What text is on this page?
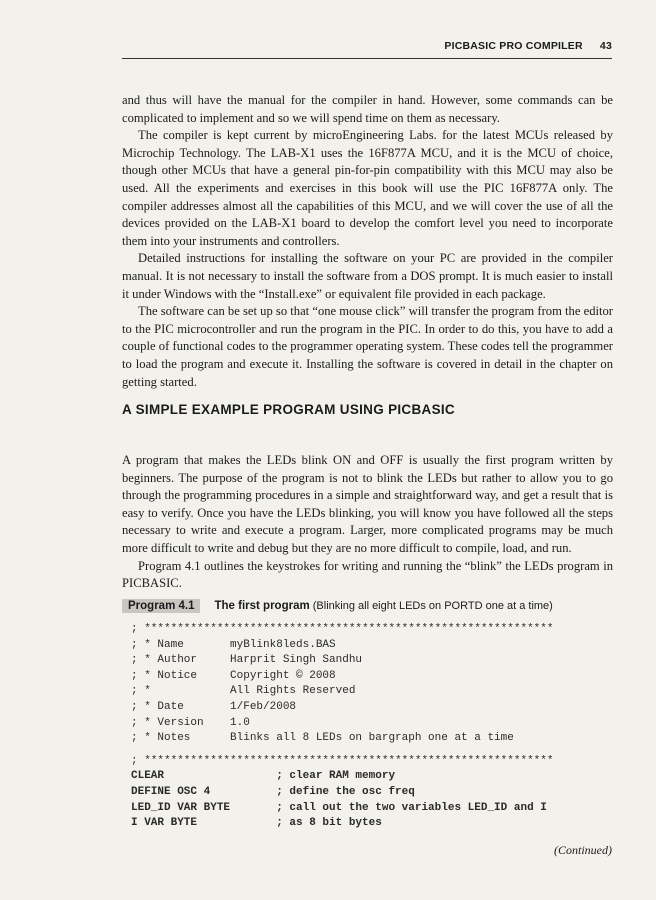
PICBASIC PRO COMPILER 43

and thus will have the manual for the compiler in hand. However, some commands can be complicated to implement and so we will spend time on them as necessary.

The compiler is kept current by microEngineering Labs. for the latest MCUs released by Microchip Technology. The LAB-X1 uses the 16F877A MCU, and it is the MCU of choice, though other MCUs that have a general pin-for-pin compatibility with this MCU may also be used. All the experiments and exercises in this book will use the PIC 16F877A only. The compiler addresses almost all the capabilities of this MCU, and we will cover the use of all the devices provided on the LAB-X1 board to develop the comfort level you need to incorporate them into your instruments and controllers.

Detailed instructions for installing the software on your PC are provided in the compiler manual. It is not necessary to install the software from a DOS prompt. It is much easier to install it under Windows with the “Install.exe” or equivalent file provided in each package.

The software can be set up so that “one mouse click” will transfer the program from the editor to the PIC microcontroller and run the program in the PIC. In order to do this, you have to add a couple of functional codes to the programmer operating system. These codes tell the programmer to load the program and execute it. Installing the software is covered in detail in the chapter on getting started.

A SIMPLE EXAMPLE PROGRAM USING PICBASIC

A program that makes the LEDs blink ON and OFF is usually the first program written by beginners. The purpose of the program is not to blink the LEDs but rather to allow you to go through the programming procedures in a simple and straightforward way, and get a result that is easy to verify. Once you have the LEDs blinking, you will know you have followed all the steps necessary to write and execute a program. Larger, more complicated programs may be much more difficult to write and debug but they are no more difficult to compile, load, and run.

Program 4.1 outlines the keystrokes for writing and running the “blink” the LEDs program in PICBASIC.

Program 4.1 The first program (Blinking all eight LEDs on PORTD one at a time)
; **************************************************************
; * Name       myBlink8leds.BAS
; * Author     Harprit Singh Sandhu
; * Notice     Copyright © 2008
; *            All Rights Reserved
; * Date       1/Feb/2008
; * Version    1.0
; * Notes      Blinks all 8 LEDs on bargraph one at a time
; **************************************************************
CLEAR                 ; clear RAM memory
DEFINE OSC 4          ; define the osc freq
LED_ID VAR BYTE       ; call out the two variables LED_ID and I
I VAR BYTE            ; as 8 bit bytes
(Continued)
